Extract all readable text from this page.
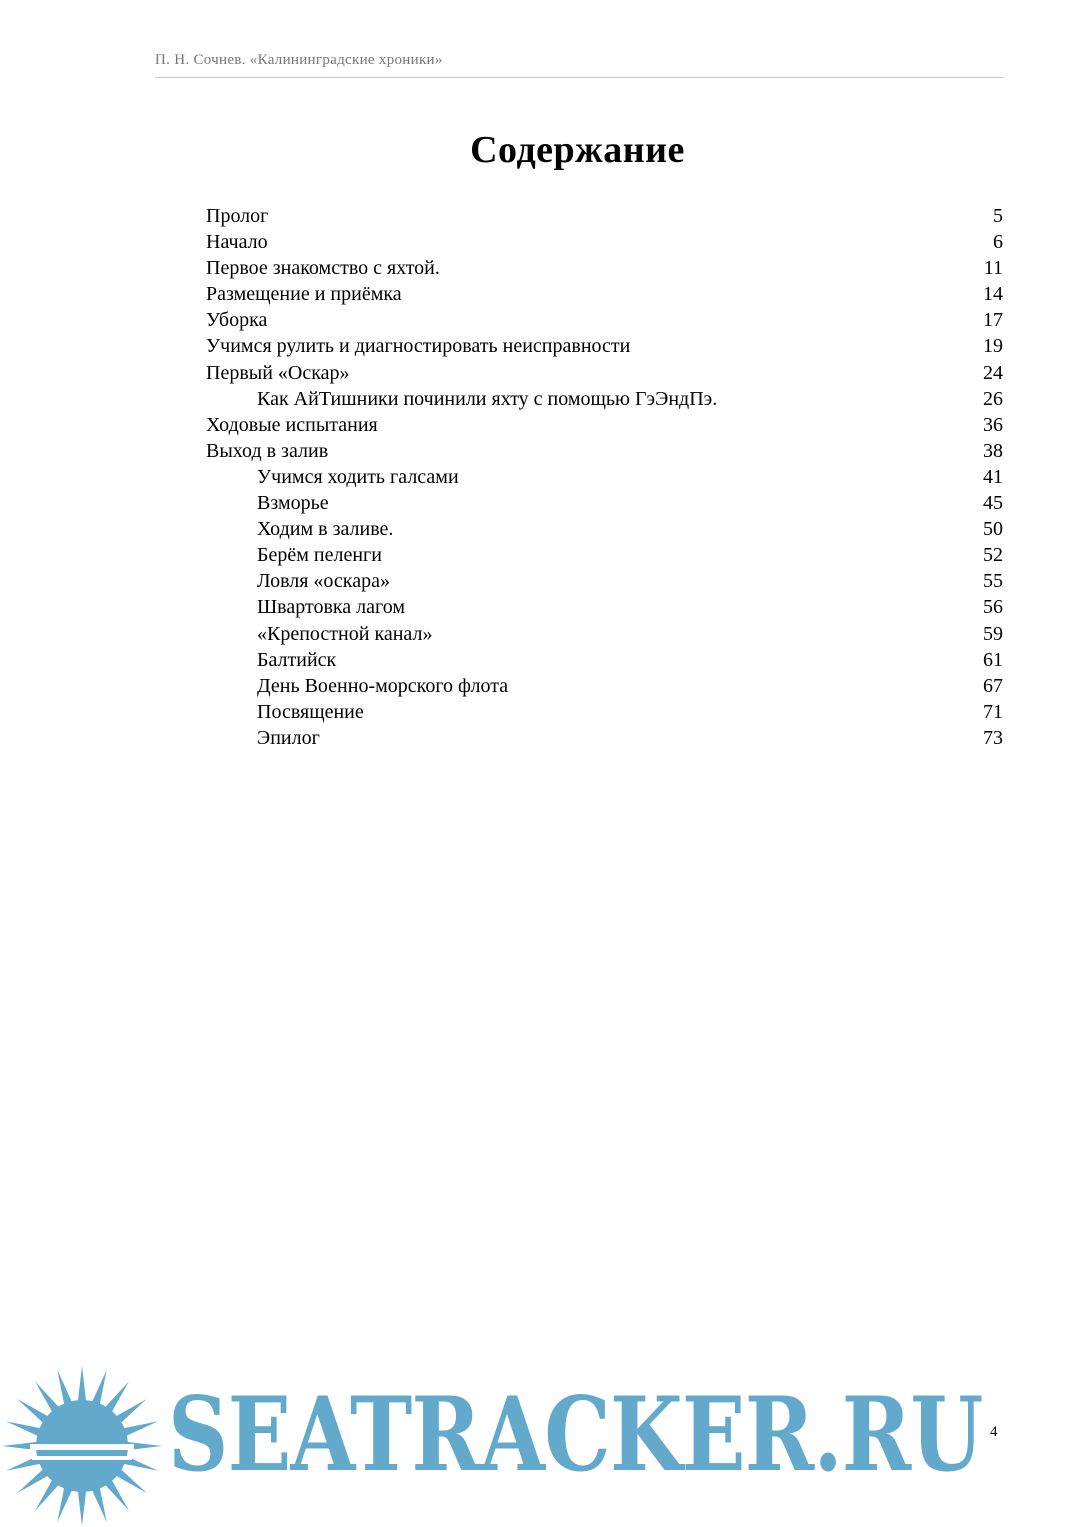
П. Н. Сочнев. «Калининградские хроники»
Содержание
Пролог	5
Начало	6
Первое знакомство с яхтой.	11
Размещение и приёмка	14
Уборка	17
Учимся рулить и диагностировать неисправности	19
Первый «Оскар»	24
Как АйТишники починили яхту с помощью ГэЭндПэ.	26
Ходовые испытания	36
Выход в залив	38
Учимся ходить галсами	41
Взморье	45
Ходим в заливе.	50
Берём пеленги	52
Ловля «оскара»	55
Швартовка лагом	56
«Крепостной канал»	59
Балтийск	61
День Военно-морского флота	67
Посвящение	71
Эпилог	73
4
SEATRACKER.RU
